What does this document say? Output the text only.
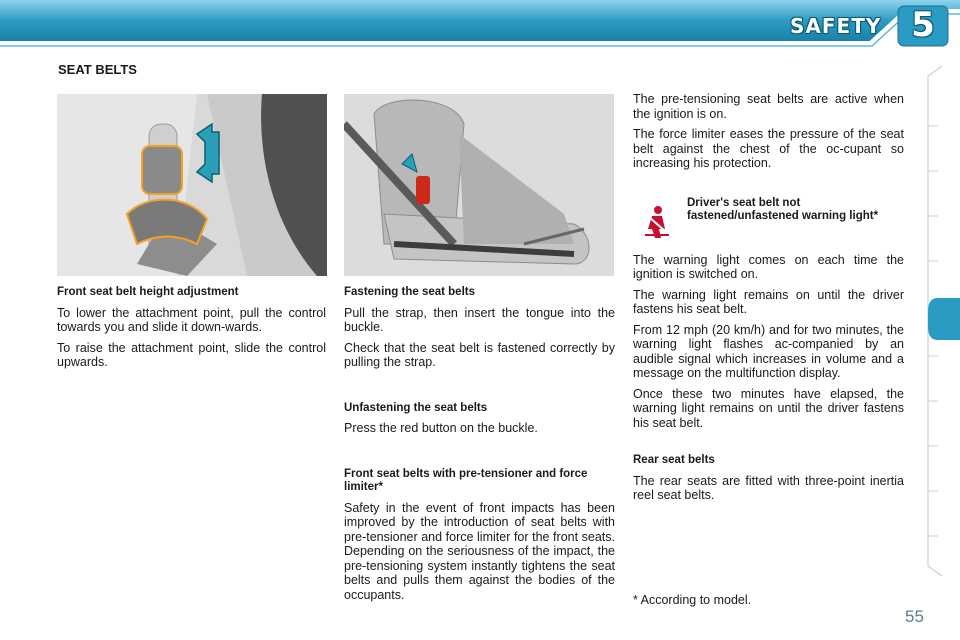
SAFETY 5
SEAT BELTS
Front seat belt height adjustment

To lower the attachment point, pull the control towards you and slide it down-wards.

To raise the attachment point, slide the control upwards.

Fastening the seat belts

Pull the strap, then insert the tongue into the buckle.

Check that the seat belt is fastened correctly by pulling the strap.

Unfastening the seat belts

Press the red button on the buckle.

Front seat belts with pre-tensioner and force limiter*

Safety in the event of front impacts has been improved by the introduction of seat belts with pre-tensioner and force limiter for the front seats. Depending on the seriousness of the impact, the pre-tensioning system instantly tightens the seat belts and pulls them against the bodies of the occupants.

The pre-tensioning seat belts are active when the ignition is on.

The force limiter eases the pressure of the seat belt against the chest of the oc-cupant so increasing his protection.

Driver's seat belt not fastened/unfastened warning light*

The warning light comes on each time the ignition is switched on.

The warning light remains on until the driver fastens his seat belt.

From 12 mph (20 km/h) and for two minutes, the warning light flashes ac-companied by an audible signal which increases in volume and a message on the multifunction display.

Once these two minutes have elapsed, the warning light remains on until the driver fastens his seat belt.

Rear seat belts

The rear seats are fitted with three-point inertia reel seat belts.

* According to model.
55
